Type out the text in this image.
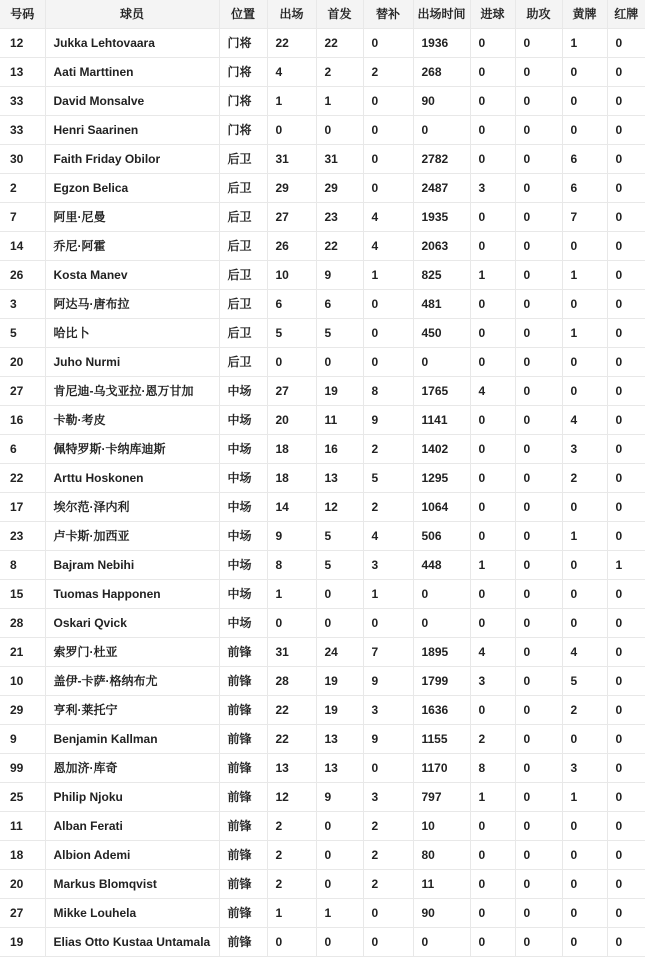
号码	球员	位置	出场	首发	替补	出场时间	进球	助攻	黄牌	红牌
12	Jukka Lehtovaara	门将	22	22	0	1936	0	0	1	0
13	Aati Marttinen	门将	4	2	2	268	0	0	0	0
33	David Monsalve	门将	1	1	0	90	0	0	0	0
33	Henri Saarinen	门将	0	0	0	0	0	0	0	0
30	Faith Friday Obilor	后卫	31	31	0	2782	0	0	6	0
2	Egzon Belica	后卫	29	29	0	2487	3	0	6	0
7	阿里·尼曼	后卫	27	23	4	1935	0	0	7	0
14	乔尼·阿霍	后卫	26	22	4	2063	0	0	0	0
26	Kosta Manev	后卫	10	9	1	825	1	0	1	0
3	阿达马·唐布拉	后卫	6	6	0	481	0	0	0	0
5	哈比卜	后卫	5	5	0	450	0	0	1	0
20	Juho Nurmi	后卫	0	0	0	0	0	0	0	0
27	肯尼迪-乌戈亚拉·恩万甘加	中场	27	19	8	1765	4	0	0	0
16	卡勒·考皮	中场	20	11	9	1141	0	0	4	0
6	佩特罗斯·卡纳库迪斯	中场	18	16	2	1402	0	0	3	0
22	Arttu Hoskonen	中场	18	13	5	1295	0	0	2	0
17	埃尔范·泽内利	中场	14	12	2	1064	0	0	0	0
23	卢卡斯·加西亚	中场	9	5	4	506	0	0	1	0
8	Bajram Nebihi	中场	8	5	3	448	1	0	0	1
15	Tuomas Happonen	中场	1	0	1	0	0	0	0	0
28	Oskari Qvick	中场	0	0	0	0	0	0	0	0
21	索罗门·杜亚	前锋	31	24	7	1895	4	0	4	0
10	盖伊-卡萨·格纳布尤	前锋	28	19	9	1799	3	0	5	0
29	亨利·莱托宁	前锋	22	19	3	1636	0	0	2	0
9	Benjamin Kallman	前锋	22	13	9	1155	2	0	0	0
99	恩加济·库奇	前锋	13	13	0	1170	8	0	3	0
25	Philip Njoku	前锋	12	9	3	797	1	0	1	0
11	Alban Ferati	前锋	2	0	2	10	0	0	0	0
18	Albion Ademi	前锋	2	0	2	80	0	0	0	0
20	Markus Blomqvist	前锋	2	0	2	11	0	0	0	0
27	Mikke Louhela	前锋	1	1	0	90	0	0	0	0
19	Elias Otto Kustaa Untamala	前锋	0	0	0	0	0	0	0	0
